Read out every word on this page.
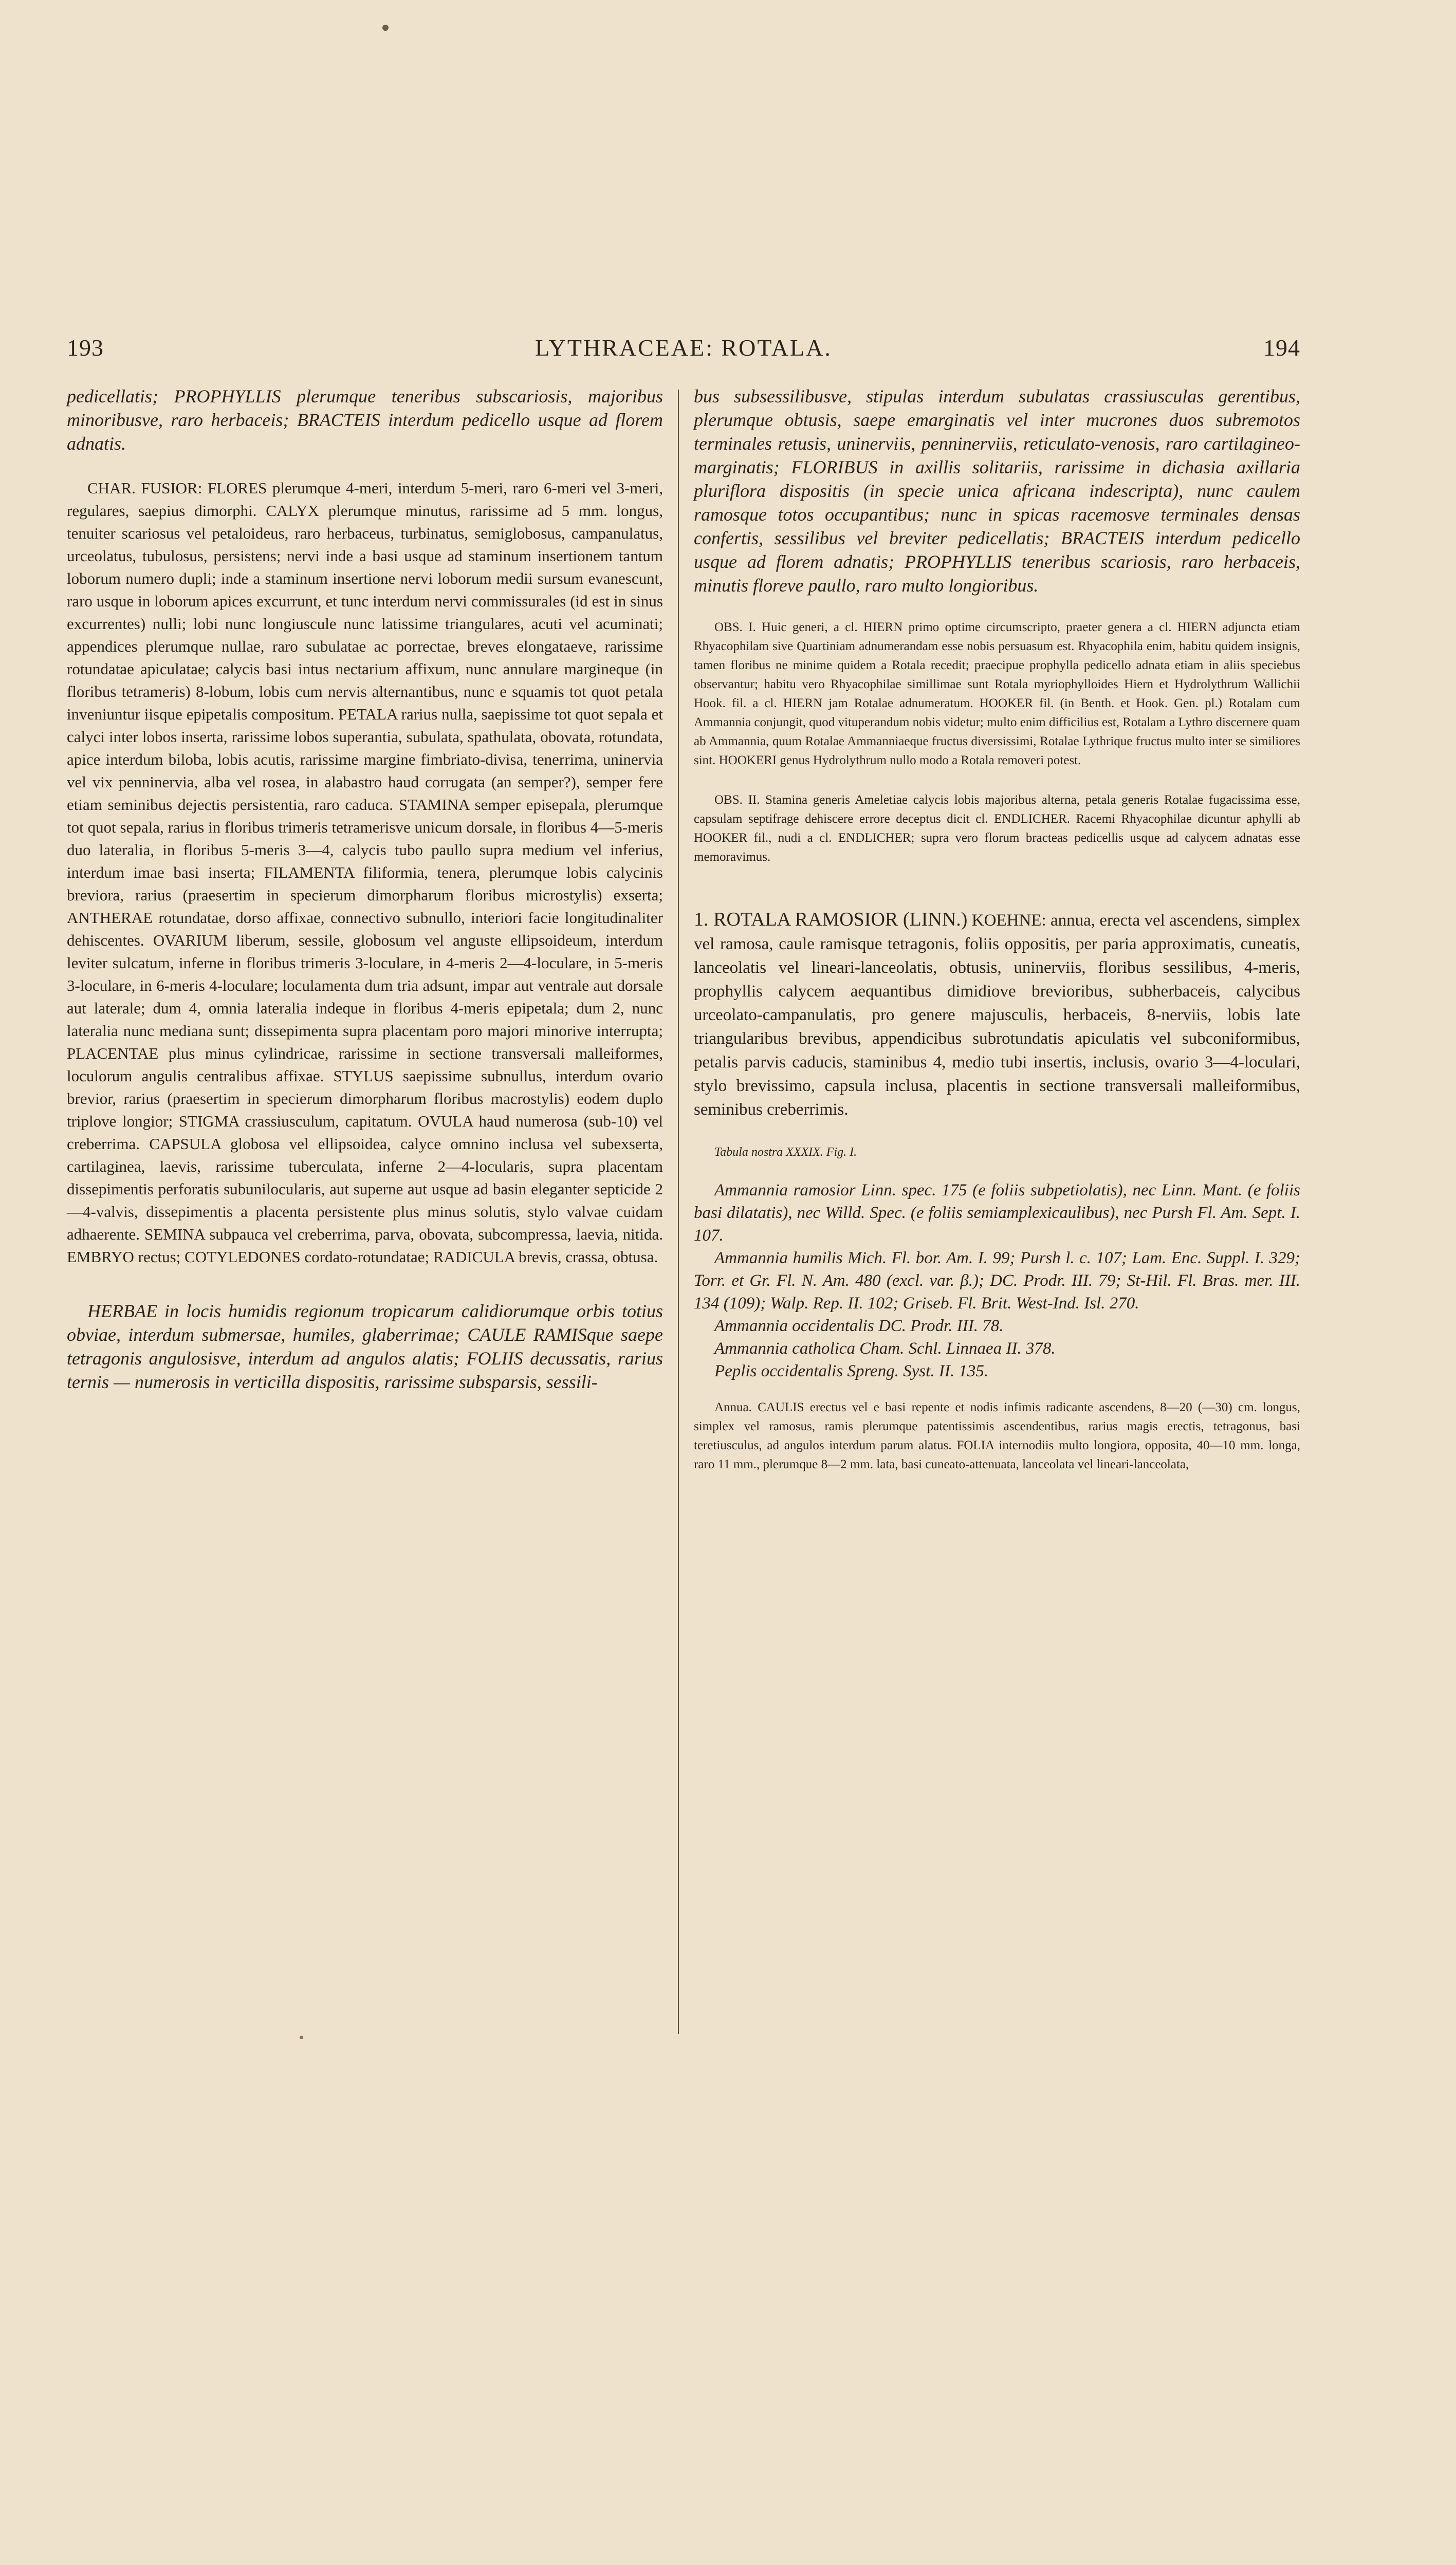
193	LYTHRACEAE: ROTALA.	194

pedicellatis; PROPHYLLIS plerumque teneribus subscariosis, majoribus minoribusve, raro herbaceis; BRACTEIS interdum pedicello usque ad florem adnatis.

CHAR. FUSIOR: FLORES plerumque 4-meri, interdum 5-meri, raro 6-meri vel 3-meri, regulares, saepius dimorphi. CALYX plerumque minutus, rarissime ad 5 mm. longus, tenuiter scariosus vel petaloideus, raro herbaceus, turbinatus, semiglobosus, campanulatus, urceolatus, tubulosus, persistens; nervi inde a basi usque ad staminum insertionem tantum loborum numero dupli; inde a staminum insertione nervi loborum medii sursum evanescunt, raro usque in loborum apices excurrunt, et tunc interdum nervi commissurales (id est in sinus excurrentes) nulli; lobi nunc longiuscule nunc latissime triangulares, acuti vel acuminati; appendices plerumque nullae, raro subulatae ac porrectae, breves elongataeve, rarissime rotundatae apiculatae; calycis basi intus nectarium affixum, nunc annulare margineque (in floribus tetrameris) 8-lobum, lobis cum nervis alternantibus, nunc e squamis tot quot petala inveniuntur iisque epipetalis compositum. PETALA rarius nulla, saepissime tot quot sepala et calyci inter lobos inserta, rarissime lobos superantia, subulata, spathulata, obovata, rotundata, apice interdum biloba, lobis acutis, rarissime margine fimbriato-divisa, tenerrima, uninervia vel vix penninervia, alba vel rosea, in alabastro haud corrugata (an semper?), semper fere etiam seminibus dejectis persistentia, raro caduca. STAMINA semper episepala, plerumque tot quot sepala, rarius in floribus trimeris tetramerisve unicum dorsale, in floribus 4—5-meris duo lateralia, in floribus 5-meris 3—4, calycis tubo paullo supra medium vel inferius, interdum imae basi inserta; FILAMENTA filiformia, tenera, plerumque lobis calycinis breviora, rarius (praesertim in specierum dimorpharum floribus microstylis) exserta; ANTHERAE rotundatae, dorso affixae, connectivo subnullo, interiori facie longitudinaliter dehiscentes. OVARIUM liberum, sessile, globosum vel anguste ellipsoideum, interdum leviter sulcatum, inferne in floribus trimeris 3-loculare, in 4-meris 2—4-loculare, in 5-meris 3-loculare, in 6-meris 4-loculare; loculamenta dum tria adsunt, impar aut ventrale aut dorsale aut laterale; dum 4, omnia lateralia indeque in floribus 4-meris epipetala; dum 2, nunc lateralia nunc mediana sunt; dissepimenta supra placentam poro majori minorive interrupta; PLACENTAE plus minus cylindricae, rarissime in sectione transversali malleiformes, loculorum angulis centralibus affixae. STYLUS saepissime subnullus, interdum ovario brevior, rarius (praesertim in specierum dimorpharum floribus macrostylis) eodem duplo triplove longior; STIGMA crassiusculum, capitatum. OVULA haud numerosa (sub-10) vel creberrima. CAPSULA globosa vel ellipsoidea, calyce omnino inclusa vel subexserta, cartilaginea, laevis, rarissime tuberculata, inferne 2—4-locularis, supra placentam dissepimentis perforatis subunilocularis, aut superne aut usque ad basin eleganter septicide 2—4-valvis, dissepimentis a placenta persistente plus minus solutis, stylo valvae cuidam adhaerente. SEMINA subpauca vel creberrima, parva, obovata, subcompressa, laevia, nitida. EMBRYO rectus; COTYLEDONES cordato-rotundatae; RADICULA brevis, crassa, obtusa.

HERBAE in locis humidis regionum tropicarum calidiorumque orbis totius obviae, interdum submersae, humiles, glaberrimae; CAULE RAMISque saepe tetragonis angulosisve, interdum ad angulos alatis; FOLIIS decussatis, rarius ternis — numerosis in verticilla dispositis, rarissime subsparsis, sessili-

bus subsessilibusve, stipulas interdum subulatas crassiusculas gerentibus, plerumque obtusis, saepe emarginatis vel inter mucrones duos subremotos terminales retusis, uninerviis, penninerviis, reticulato-venosis, raro cartilagineo-marginatis; FLORIBUS in axillis solitariis, rarissime in dichasia axillaria pluriflora dispositis (in specie unica africana indescripta), nunc caulem ramosque totos occupantibus; nunc in spicas racemosve terminales densas confertis, sessilibus vel breviter pedicellatis; BRACTEIS interdum pedicello usque ad florem adnatis; PROPHYLLIS teneribus scariosis, raro herbaceis, minutis floreve paullo, raro multo longioribus.

OBS. I. Huic generi, a cl. HIERN primo optime circumscripto, praeter genera a cl. HIERN adjuncta etiam Rhyacophilam sive Quartiniam adnumerandam esse nobis persuasum est. Rhyacophila enim, habitu quidem insignis, tamen floribus ne minime quidem a Rotala recedit; praecipue prophylla pedicello adnata etiam in aliis speciebus observantur; habitu vero Rhyacophilae simillimae sunt Rotala myriophylloides Hiern et Hydrolythrum Wallichii Hook. fil. a cl. HIERN jam Rotalae adnumeratum. HOOKER fil. (in Benth. et Hook. Gen. pl.) Rotalam cum Ammannia conjungit, quod vituperandum nobis videtur; multo enim difficilius est, Rotalam a Lythro discernere quam ab Ammannia, quum Rotalae Ammanniaeque fructus diversissimi, Rotalae Lythrique fructus multo inter se similiores sint. HOOKERI genus Hydrolythrum nullo modo a Rotala removeri potest.

OBS. II. Stamina generis Ameletiae calycis lobis majoribus alterna, petala generis Rotalae fugacissima esse, capsulam septifrage dehiscere errore deceptus dicit cl. ENDLICHER. Racemi Rhyacophilae dicuntur aphylli ab HOOKER fil., nudi a cl. ENDLICHER; supra vero florum bracteas pedicellis usque ad calycem adnatas esse memoravimus.

1. ROTALA RAMOSIOR (LINN.) KOEHNE: annua, erecta vel ascendens, simplex vel ramosa, caule ramisque tetragonis, foliis oppositis, per paria approximatis, cuneatis, lanceolatis vel lineari-lanceolatis, obtusis, uninerviis, floribus sessilibus, 4-meris, prophyllis calycem aequantibus dimidiove brevioribus, subherbaceis, calycibus urceolato-campanulatis, pro genere majusculis, herbaceis, 8-nerviis, lobis late triangularibus brevibus, appendicibus subrotundatis apiculatis vel subconiformibus, petalis parvis caducis, staminibus 4, medio tubi insertis, inclusis, ovario 3—4-loculari, stylo brevissimo, capsula inclusa, placentis in sectione transversali malleiformibus, seminibus creberrimis.

Tabula nostra XXXIX. Fig. I.

Ammannia ramosior Linn. spec. 175 (e foliis subpetiolatis), nec Linn. Mant. (e foliis basi dilatatis), nec Willd. Spec. (e foliis semiamplexicaulibus), nec Pursh Fl. Am. Sept. I. 107.

Ammannia humilis Mich. Fl. bor. Am. I. 99; Pursh l. c. 107; Lam. Enc. Suppl. I. 329; Torr. et Gr. Fl. N. Am. 480 (excl. var. β.); DC. Prodr. III. 79; St-Hil. Fl. Bras. mer. III. 134 (109); Walp. Rep. II. 102; Griseb. Fl. Brit. West-Ind. Isl. 270.

Ammannia occidentalis DC. Prodr. III. 78.

Ammannia catholica Cham. Schl. Linnaea II. 378.

Peplis occidentalis Spreng. Syst. II. 135.

Annua. CAULIS erectus vel e basi repente et nodis infimis radicante ascendens, 8—20 (—30) cm. longus, simplex vel ramosus, ramis plerumque patentissimis ascendentibus, rarius magis erectis, tetragonus, basi teretiusculus, ad angulos interdum parum alatus. FOLIA internodiis multo longiora, opposita, 40—10 mm. longa, raro 11 mm., plerumque 8—2 mm. lata, basi cuneato-attenuata, lanceolata vel lineari-lanceolata,
